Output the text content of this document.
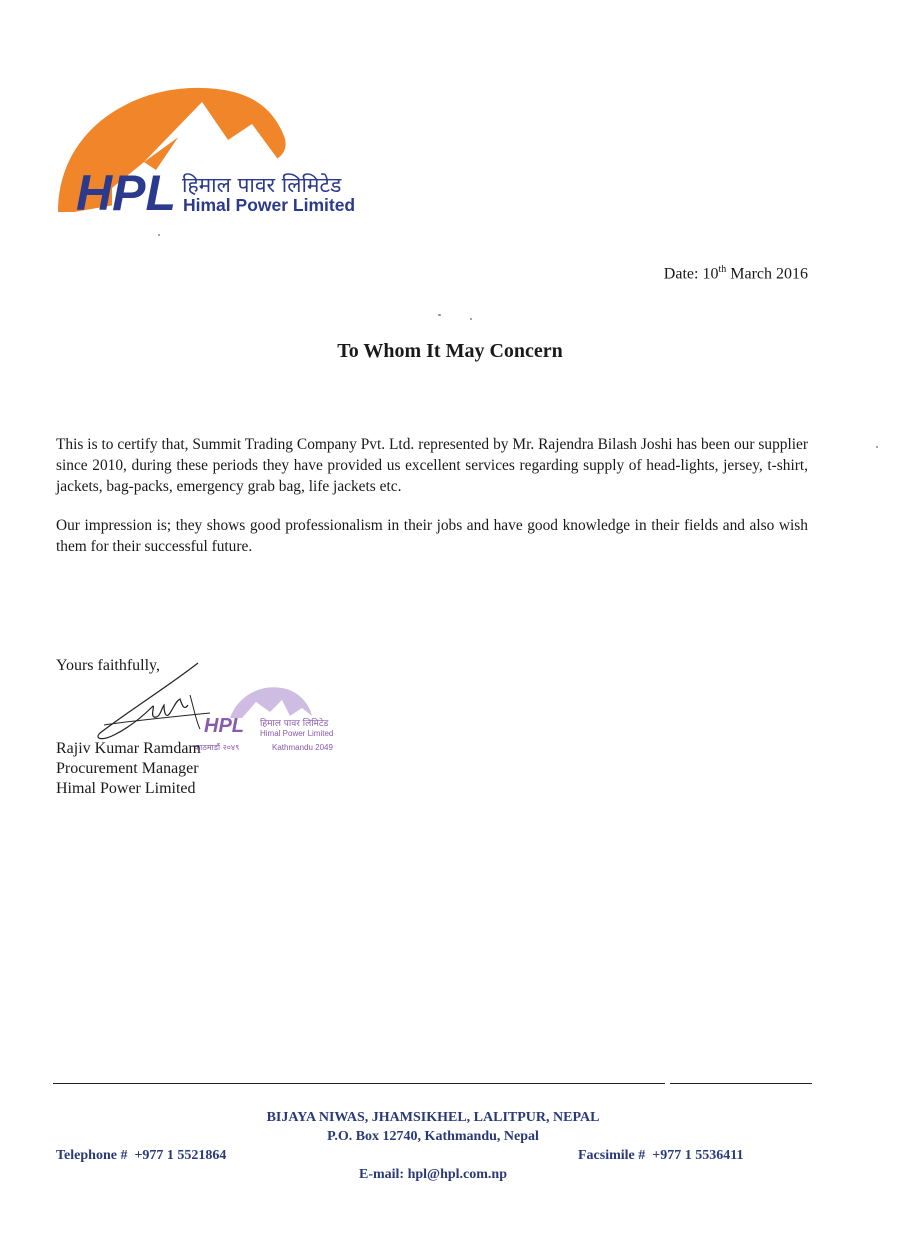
HPL हिमाल पावर लिमिटेड
Himal Power Limited
Date: 10th March 2016
To Whom It May Concern
This is to certify that, Summit Trading Company Pvt. Ltd. represented by Mr. Rajendra Bilash Joshi has been our supplier since 2010, during these periods they have provided us excellent services regarding supply of head-lights, jersey, t-shirt, jackets, bag-packs, emergency grab bag, life jackets etc.
Our impression is; they shows good professionalism in their jobs and have good knowledge in their fields and also wish them for their successful future.
Yours faithfully,
HPL हिमाल पावर लिमिटेड
Himal Power Limited
काठमाडौं २०४९	Kathmandu 2049
Rajiv Kumar Ramdam
Procurement Manager
Himal Power Limited
BIJAYA NIWAS, JHAMSIKHEL, LALITPUR, NEPAL
P.O. Box 12740, Kathmandu, Nepal
Telephone # +977 1 5521864	Facsimile # +977 1 5536411
E-mail: hpl@hpl.com.np
